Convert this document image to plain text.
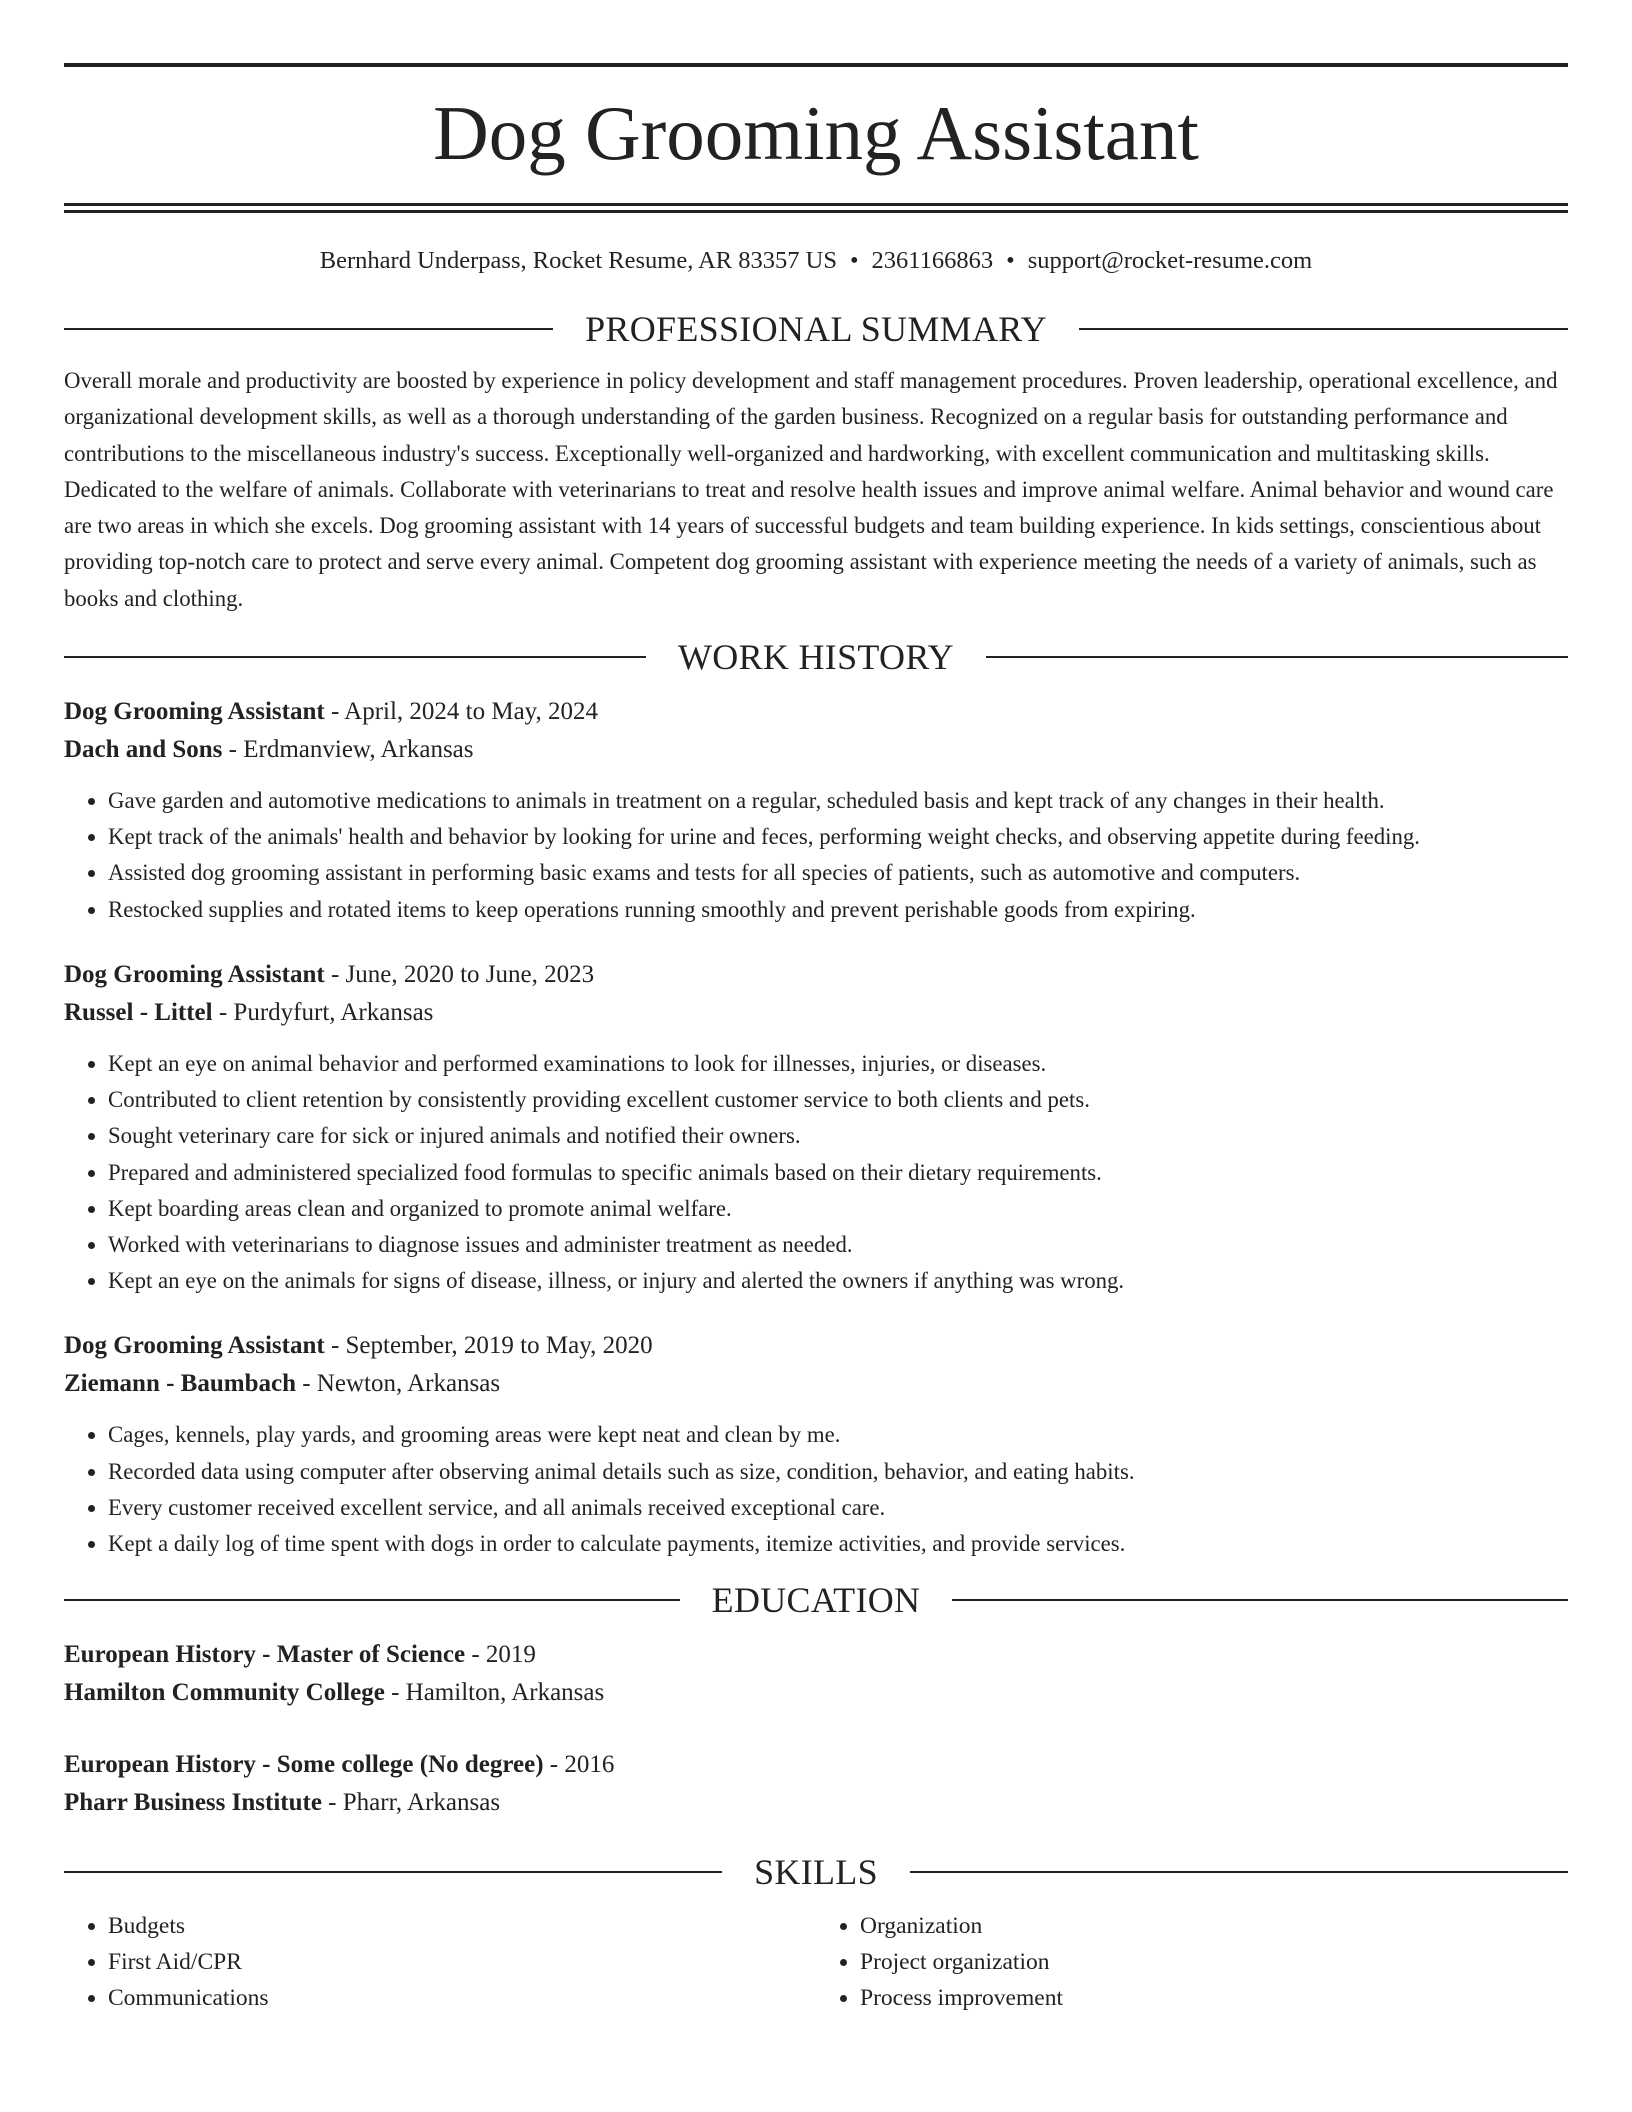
Dog Grooming Assistant
Bernhard Underpass, Rocket Resume, AR 83357 US • 2361166863 • support@rocket-resume.com
PROFESSIONAL SUMMARY
Overall morale and productivity are boosted by experience in policy development and staff management procedures. Proven leadership, operational excellence, and organizational development skills, as well as a thorough understanding of the garden business. Recognized on a regular basis for outstanding performance and contributions to the miscellaneous industry's success. Exceptionally well-organized and hardworking, with excellent communication and multitasking skills. Dedicated to the welfare of animals. Collaborate with veterinarians to treat and resolve health issues and improve animal welfare. Animal behavior and wound care are two areas in which she excels. Dog grooming assistant with 14 years of successful budgets and team building experience. In kids settings, conscientious about providing top-notch care to protect and serve every animal. Competent dog grooming assistant with experience meeting the needs of a variety of animals, such as books and clothing.
WORK HISTORY
Dog Grooming Assistant - April, 2024 to May, 2024
Dach and Sons - Erdmanview, Arkansas
• Gave garden and automotive medications to animals in treatment on a regular, scheduled basis and kept track of any changes in their health.
• Kept track of the animals' health and behavior by looking for urine and feces, performing weight checks, and observing appetite during feeding.
• Assisted dog grooming assistant in performing basic exams and tests for all species of patients, such as automotive and computers.
• Restocked supplies and rotated items to keep operations running smoothly and prevent perishable goods from expiring.
Dog Grooming Assistant - June, 2020 to June, 2023
Russel - Littel - Purdyfurt, Arkansas
• Kept an eye on animal behavior and performed examinations to look for illnesses, injuries, or diseases.
• Contributed to client retention by consistently providing excellent customer service to both clients and pets.
• Sought veterinary care for sick or injured animals and notified their owners.
• Prepared and administered specialized food formulas to specific animals based on their dietary requirements.
• Kept boarding areas clean and organized to promote animal welfare.
• Worked with veterinarians to diagnose issues and administer treatment as needed.
• Kept an eye on the animals for signs of disease, illness, or injury and alerted the owners if anything was wrong.
Dog Grooming Assistant - September, 2019 to May, 2020
Ziemann - Baumbach - Newton, Arkansas
• Cages, kennels, play yards, and grooming areas were kept neat and clean by me.
• Recorded data using computer after observing animal details such as size, condition, behavior, and eating habits.
• Every customer received excellent service, and all animals received exceptional care.
• Kept a daily log of time spent with dogs in order to calculate payments, itemize activities, and provide services.
EDUCATION
European History - Master of Science - 2019
Hamilton Community College - Hamilton, Arkansas
European History - Some college (No degree) - 2016
Pharr Business Institute - Pharr, Arkansas
SKILLS
• Budgets
• First Aid/CPR
• Communications
• Organization
• Project organization
• Process improvement
